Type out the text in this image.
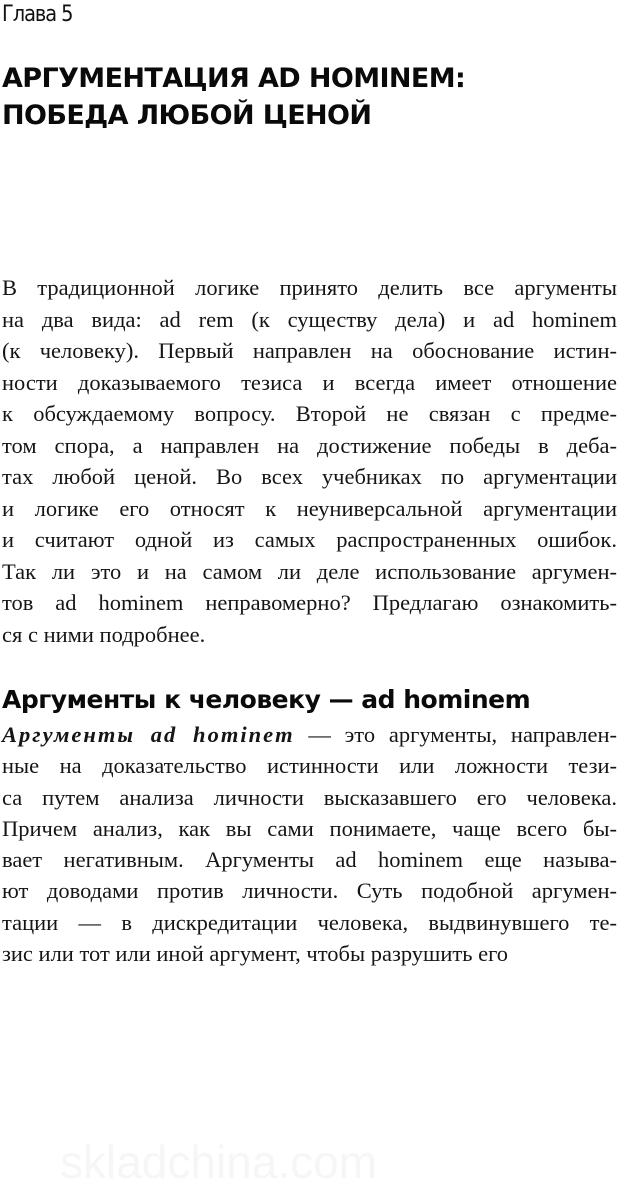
Глава 5
АРГУМЕНТАЦИЯ AD HOMINEM:
ПОБЕДА ЛЮБОЙ ЦЕНОЙ
В традиционной логике принято делить все аргументы
на два вида: ad rem (к существу дела) и ad hominem
(к человеку). Первый направлен на обоснование истин-
ности доказываемого тезиса и всегда имеет отношение
к обсуждаемому вопросу. Второй не связан с предме-
том спора, а направлен на достижение победы в деба-
тах любой ценой. Во всех учебниках по аргументации
и логике его относят к неуниверсальной аргументации
и считают одной из самых распространенных ошибок.
Так ли это и на самом ли деле использование аргумен-
тов ad hominem неправомерно? Предлагаю ознакомить-
ся с ними подробнее.
Аргументы к человеку — ad hominem
Аргументы ad hominem — это аргументы, направлен-
ные на доказательство истинности или ложности тези-
са путем анализа личности высказавшего его человека.
Причем анализ, как вы сами понимаете, чаще всего бы-
вает негативным. Аргументы ad hominem еще называ-
ют доводами против личности. Суть подобной аргумен-
тации — в дискредитации человека, выдвинувшего те-
зис или тот или иной аргумент, чтобы разрушить его
skladchina.com
